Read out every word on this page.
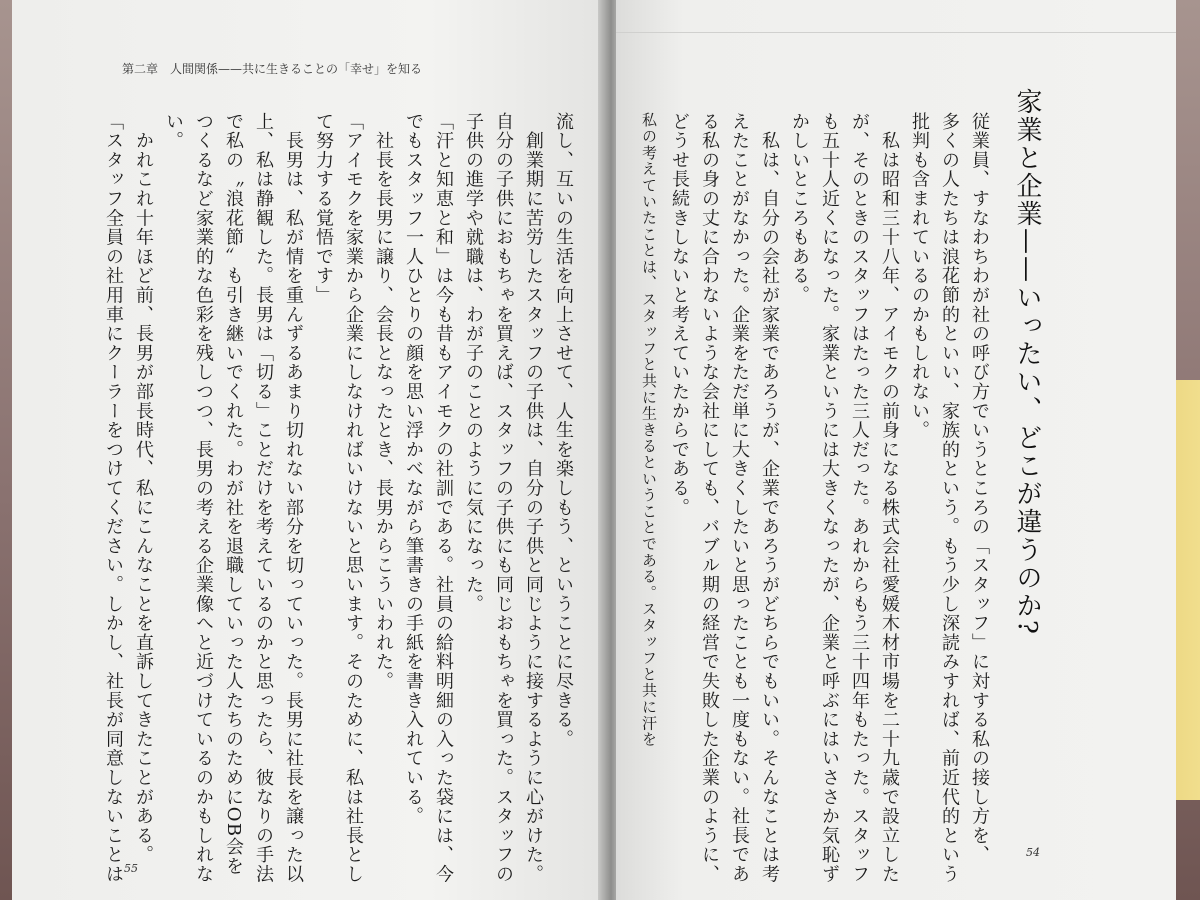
第二章　人間関係——共に生きることの「幸せ」を知る
流し、互いの生活を向上させて、人生を楽しもう、ということに尽きる。
　創業期に苦労したスタッフの子供は、自分の子供と同じように接するように心がけた。
自分の子供におもちゃを買えば、スタッフの子供にも同じおもちゃを買った。スタッフの
子供の進学や就職は、わが子のことのように気になった。
「汗と知恵と和」は今も昔もアイモクの社訓である。社員の給料明細の入った袋には、今
でもスタッフ一人ひとりの顔を思い浮かべながら筆書きの手紙を書き入れている。
　社長を長男に譲り、会長となったとき、長男からこういわれた。
「アイモクを家業から企業にしなければいけないと思います。そのために、私は社長とし
て努力する覚悟です」
　長男は、私が情を重んずるあまり切れない部分を切っていった。長男に社長を譲った以
上、私は静観した。長男は「切る」ことだけを考えているのかと思ったら、彼なりの手法
で私の〝浪花節〟も引き継いでくれた。わが社を退職していった人たちのためにOB会を
つくるなど家業的な色彩を残しつつ、長男の考える企業像へと近づけているのかもしれな
い。
　かれこれ十年ほど前、長男が部長時代、私にこんなことを直訴してきたことがある。
「スタッフ全員の社用車にクーラーをつけてください。しかし、社長が同意しないことは 55
家業と企業——いったい、どこが違うのか?
従業員、すなわちわが社の呼び方でいうところの「スタッフ」に対する私の接し方を、
多くの人たちは浪花節的といい、家族的という。もう少し深読みすれば、前近代的という
批判も含まれているのかもしれない。
　私は昭和三十八年、アイモクの前身になる株式会社愛媛木材市場を二十九歳で設立した
が、そのときのスタッフはたった三人だった。あれからもう三十四年もたった。スタッフ
も五十人近くになった。家業というには大きくなったが、企業と呼ぶにはいささか気恥ず
かしいところもある。
　私は、自分の会社が家業であろうが、企業であろうがどちらでもいい。そんなことは考
えたことがなかった。企業をただ単に大きくしたいと思ったことも一度もない。社長であ
る私の身の丈に合わないような会社にしても、バブル期の経営で失敗した企業のように、
どうせ長続きしないと考えていたからである。
私の考えていたことは、スタッフと共に生きるということである。スタッフと共に汗を
54
